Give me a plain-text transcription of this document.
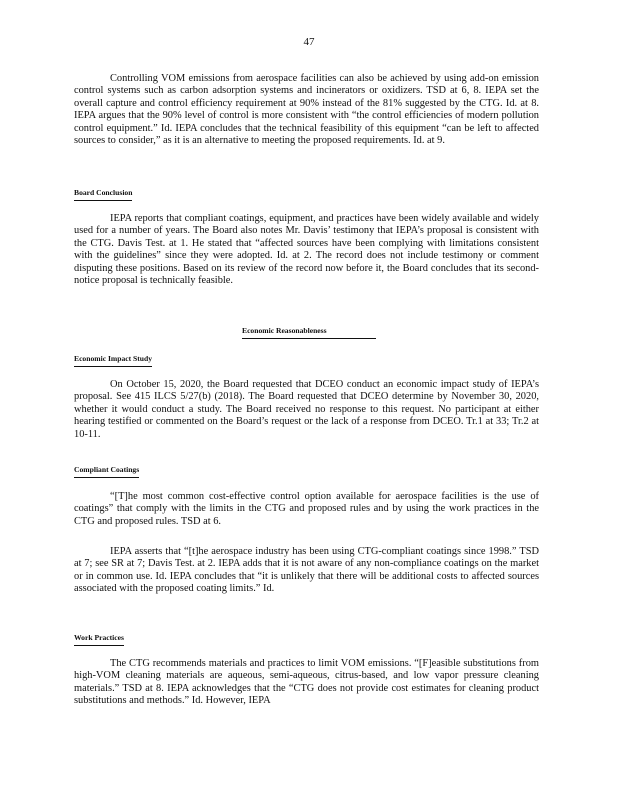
47

Controlling VOM emissions from aerospace facilities can also be achieved by using add-on emission control systems such as carbon adsorption systems and incinerators or oxidizers. TSD at 6, 8. IEPA set the overall capture and control efficiency requirement at 90% instead of the 81% suggested by the CTG. Id. at 8. IEPA argues that the 90% level of control is more consistent with “the control efficiencies of modern pollution control equipment.” Id. IEPA concludes that the technical feasibility of this equipment “can be left to affected sources to consider,” as it is an alternative to meeting the proposed requirements. Id. at 9.

Board Conclusion

IEPA reports that compliant coatings, equipment, and practices have been widely available and widely used for a number of years. The Board also notes Mr. Davis’ testimony that IEPA’s proposal is consistent with the CTG. Davis Test. at 1. He stated that “affected sources have been complying with limitations consistent with the guidelines” since they were adopted. Id. at 2. The record does not include testimony or comment disputing these positions. Based on its review of the record now before it, the Board concludes that its second-notice proposal is technically feasible.

Economic Reasonableness
Economic Impact Study

On October 15, 2020, the Board requested that DCEO conduct an economic impact study of IEPA’s proposal. See 415 ILCS 5/27(b) (2018). The Board requested that DCEO determine by November 30, 2020, whether it would conduct a study. The Board received no response to this request. No participant at either hearing testified or commented on the Board’s request or the lack of a response from DCEO. Tr.1 at 33; Tr.2 at 10-11.

Compliant Coatings

“[T]he most common cost-effective control option available for aerospace facilities is the use of coatings” that comply with the limits in the CTG and proposed rules and by using the work practices in the CTG and proposed rules. TSD at 6.

IEPA asserts that “[t]he aerospace industry has been using CTG-compliant coatings since 1998.” TSD at 7; see SR at 7; Davis Test. at 2. IEPA adds that it is not aware of any non-compliance coatings on the market or in common use. Id. IEPA concludes that “it is unlikely that there will be additional costs to affected sources associated with the proposed coating limits.” Id.

Work Practices

The CTG recommends materials and practices to limit VOM emissions. “[F]easible substitutions from high-VOM cleaning materials are aqueous, semi-aqueous, citrus-based, and low vapor pressure cleaning materials.” TSD at 8. IEPA acknowledges that the “CTG does not provide cost estimates for cleaning product substitutions and methods.” Id. However, IEPA
